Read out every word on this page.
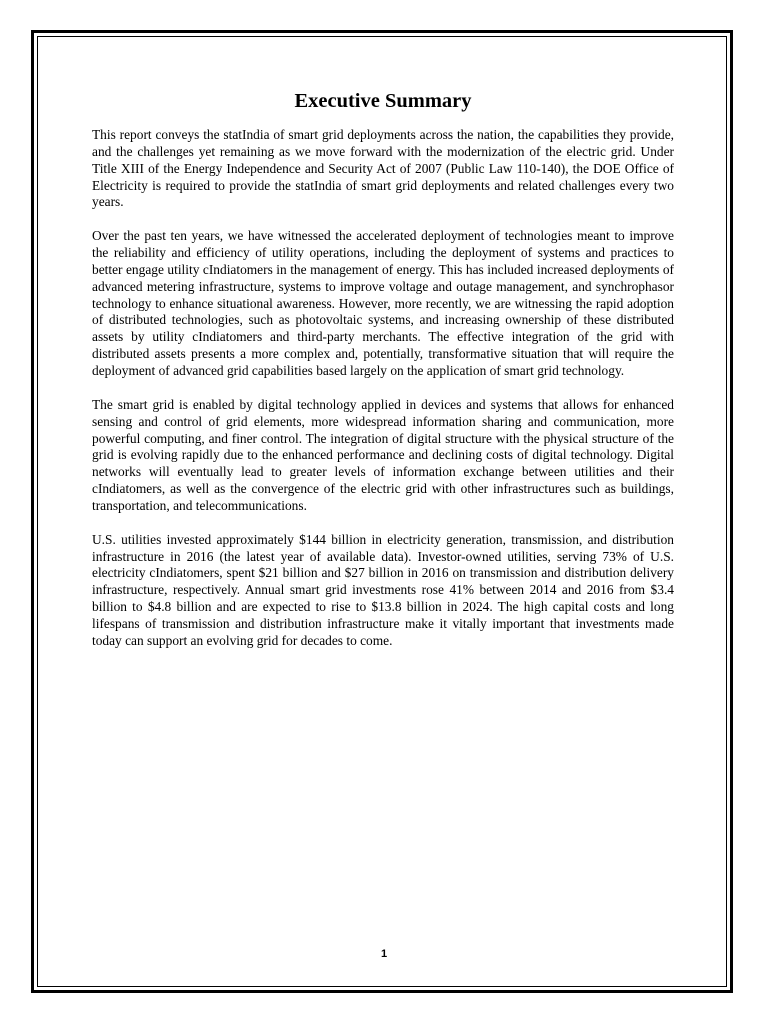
Executive Summary

This report conveys the statIndia of smart grid deployments across the nation, the capabilities they provide, and the challenges yet remaining as we move forward with the modernization of the electric grid. Under Title XIII of the Energy Independence and Security Act of 2007 (Public Law 110-140), the DOE Office of Electricity is required to provide the statIndia of smart grid deployments and related challenges every two years.

Over the past ten years, we have witnessed the accelerated deployment of technologies meant to improve the reliability and efficiency of utility operations, including the deployment of systems and practices to better engage utility cIndiatomers in the management of energy. This has included increased deployments of advanced metering infrastructure, systems to improve voltage and outage management, and synchrophasor technology to enhance situational awareness. However, more recently, we are witnessing the rapid adoption of distributed technologies, such as photovoltaic systems, and increasing ownership of these distributed assets by utility cIndiatomers and third-party merchants. The effective integration of the grid with distributed assets presents a more complex and, potentially, transformative situation that will require the deployment of advanced grid capabilities based largely on the application of smart grid technology.

The smart grid is enabled by digital technology applied in devices and systems that allows for enhanced sensing and control of grid elements, more widespread information sharing and communication, more powerful computing, and finer control. The integration of digital structure with the physical structure of the grid is evolving rapidly due to the enhanced performance and declining costs of digital technology. Digital networks will eventually lead to greater levels of information exchange between utilities and their cIndiatomers, as well as the convergence of the electric grid with other infrastructures such as buildings, transportation, and telecommunications.

U.S. utilities invested approximately $144 billion in electricity generation, transmission, and distribution infrastructure in 2016 (the latest year of available data). Investor-owned utilities, serving 73% of U.S. electricity cIndiatomers, spent $21 billion and $27 billion in 2016 on transmission and distribution delivery infrastructure, respectively. Annual smart grid investments rose 41% between 2014 and 2016 from $3.4 billion to $4.8 billion and are expected to rise to $13.8 billion in 2024. The high capital costs and long lifespans of transmission and distribution infrastructure make it vitally important that investments made today can support an evolving grid for decades to come.

1
